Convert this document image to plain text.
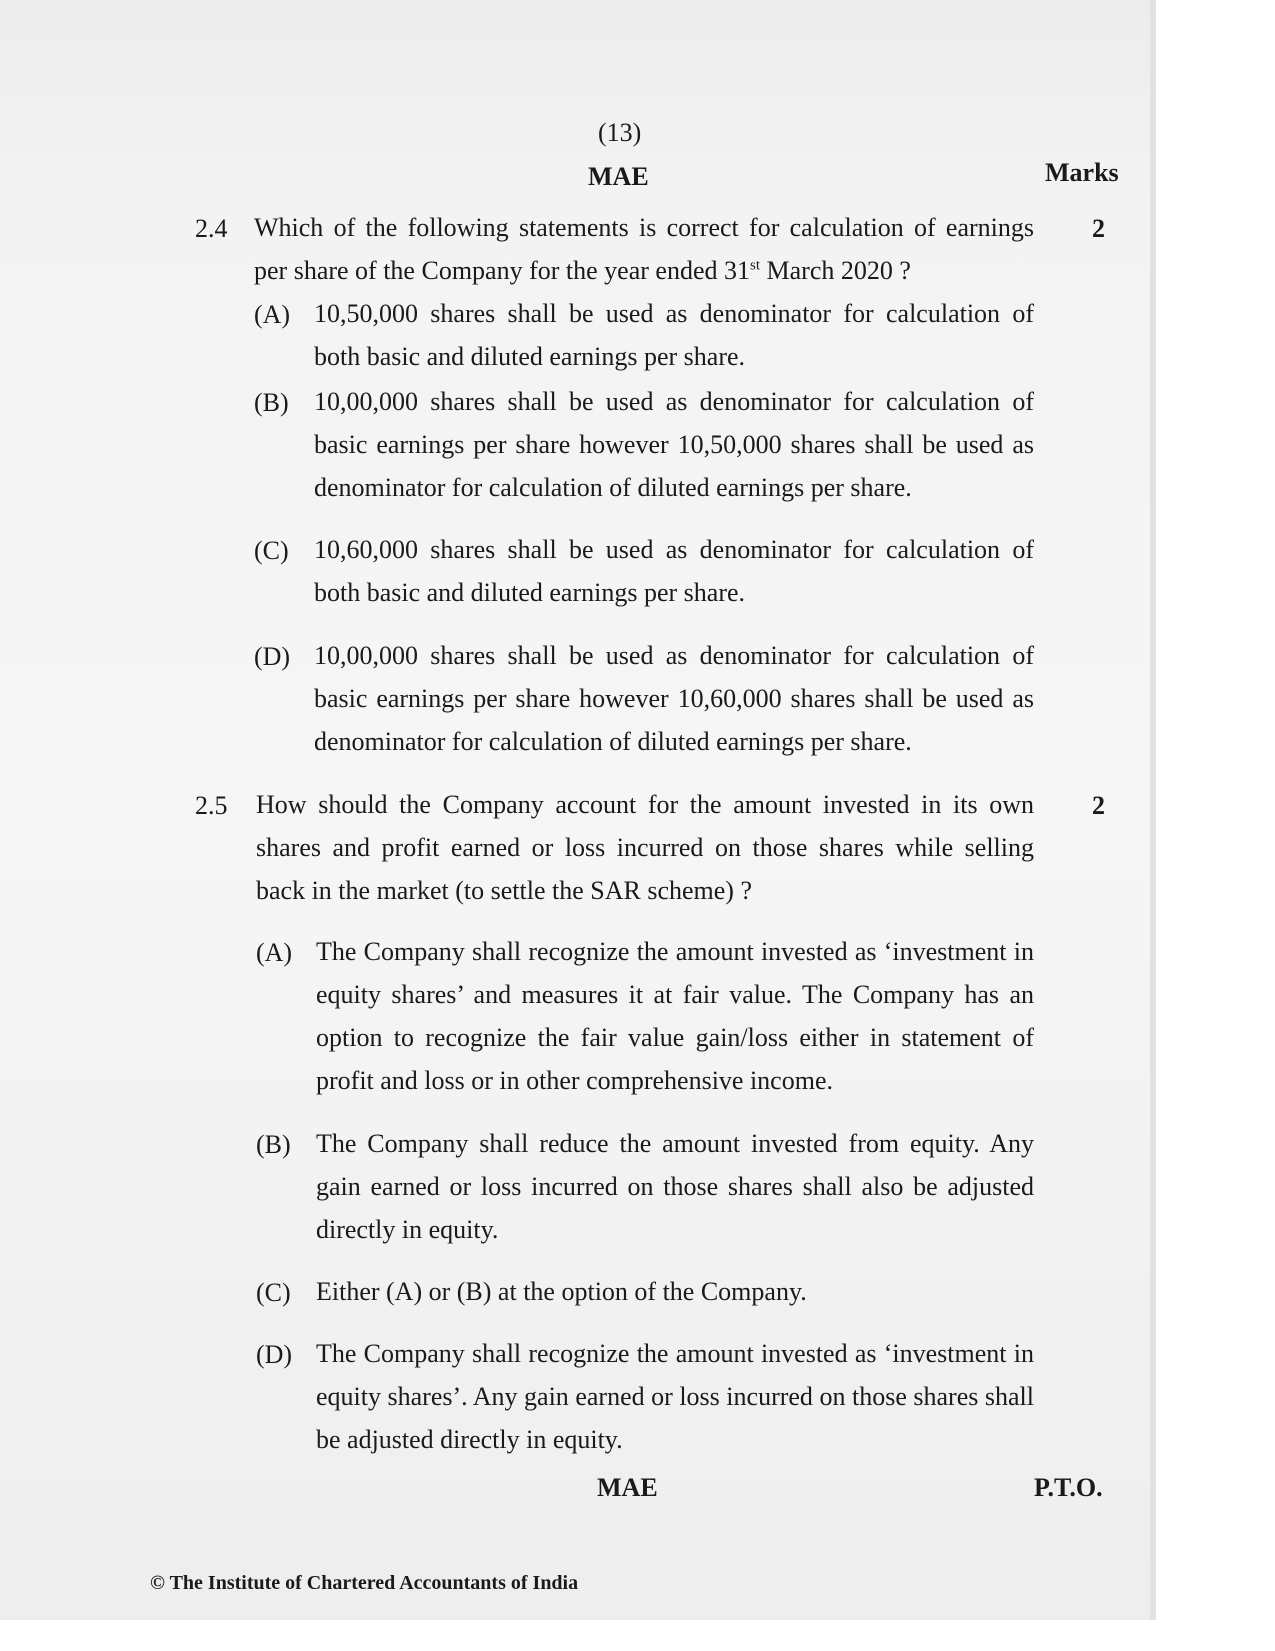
(13)
MAE	Marks
2.4 Which of the following statements is correct for calculation of earnings per share of the Company for the year ended 31st March 2020 ?
2
(A) 10,50,000 shares shall be used as denominator for calculation of both basic and diluted earnings per share.
(B) 10,00,000 shares shall be used as denominator for calculation of basic earnings per share however 10,50,000 shares shall be used as denominator for calculation of diluted earnings per share.
(C) 10,60,000 shares shall be used as denominator for calculation of both basic and diluted earnings per share.
(D) 10,00,000 shares shall be used as denominator for calculation of basic earnings per share however 10,60,000 shares shall be used as denominator for calculation of diluted earnings per share.
2.5 How should the Company account for the amount invested in its own shares and profit earned or loss incurred on those shares while selling back in the market (to settle the SAR scheme) ?
2
(A) The Company shall recognize the amount invested as ‘investment in equity shares’ and measures it at fair value. The Company has an option to recognize the fair value gain/loss either in statement of profit and loss or in other comprehensive income.
(B) The Company shall reduce the amount invested from equity. Any gain earned or loss incurred on those shares shall also be adjusted directly in equity.
(C) Either (A) or (B) at the option of the Company.
(D) The Company shall recognize the amount invested as ‘investment in equity shares’. Any gain earned or loss incurred on those shares shall be adjusted directly in equity.
MAE	P.T.O.
© The Institute of Chartered Accountants of India
